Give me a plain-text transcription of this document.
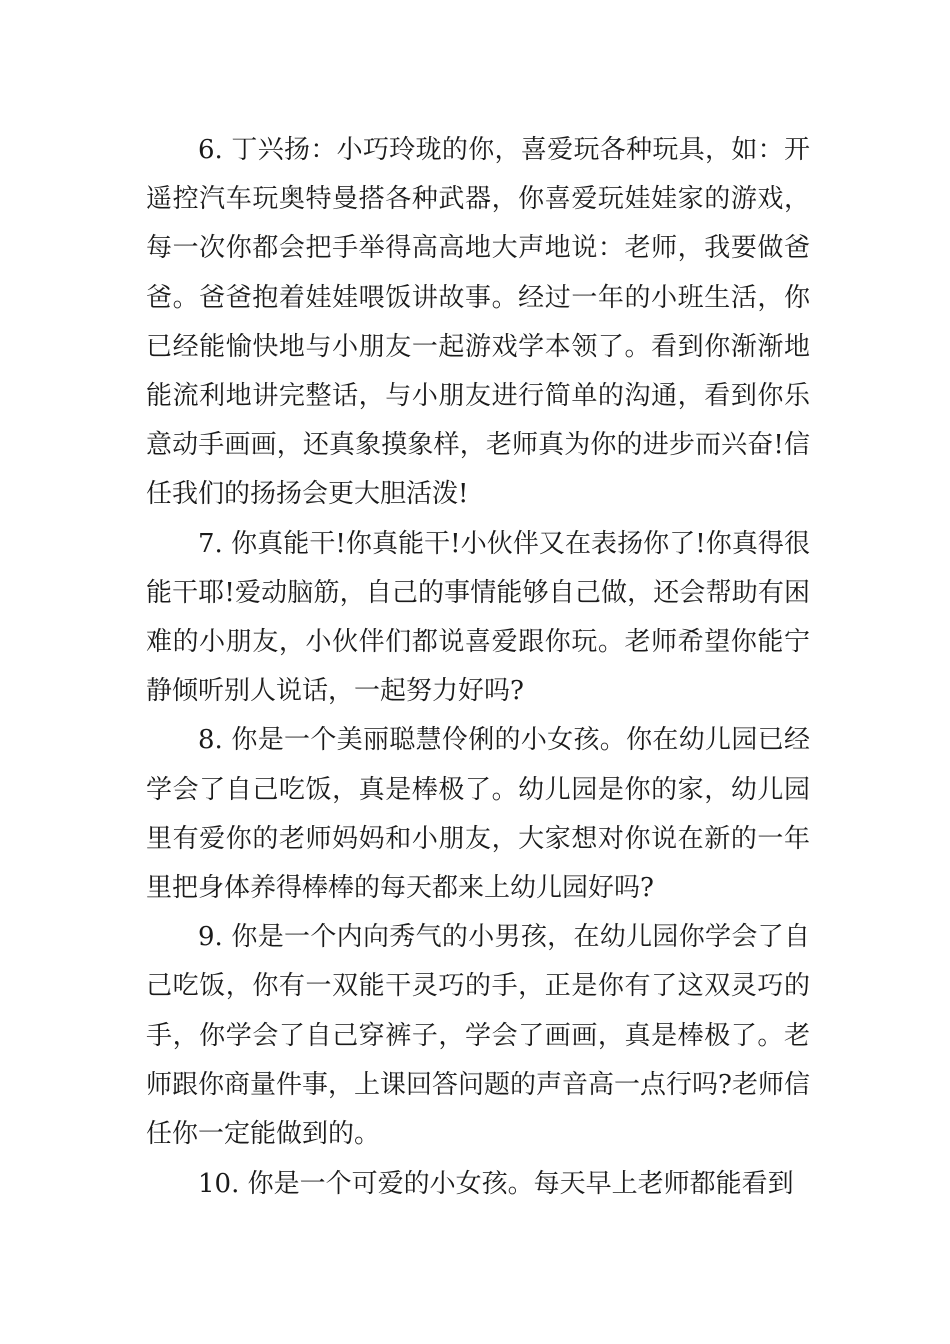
6. 丁兴扬：小巧玲珑的你，喜爱玩各种玩具，如：开遥控汽车玩奥特曼搭各种武器，你喜爱玩娃娃家的游戏，每一次你都会把手举得高高地大声地说：老师，我要做爸爸。爸爸抱着娃娃喂饭讲故事。经过一年的小班生活，你已经能愉快地与小朋友一起游戏学本领了。看到你渐渐地能流利地讲完整话，与小朋友进行简单的沟通，看到你乐意动手画画，还真象摸象样，老师真为你的进步而兴奋!信任我们的扬扬会更大胆活泼!

7. 你真能干!你真能干!小伙伴又在表扬你了!你真得很能干耶!爱动脑筋，自己的事情能够自己做，还会帮助有困难的小朋友，小伙伴们都说喜爱跟你玩。老师希望你能宁静倾听别人说话，一起努力好吗?

8. 你是一个美丽聪慧伶俐的小女孩。你在幼儿园已经学会了自己吃饭，真是棒极了。幼儿园是你的家，幼儿园里有爱你的老师妈妈和小朋友，大家想对你说在新的一年里把身体养得棒棒的每天都来上幼儿园好吗?

9. 你是一个内向秀气的小男孩，在幼儿园你学会了自己吃饭，你有一双能干灵巧的手，正是你有了这双灵巧的手，你学会了自己穿裤子，学会了画画，真是棒极了。老师跟你商量件事，上课回答问题的声音高一点行吗?老师信任你一定能做到的。

10. 你是一个可爱的小女孩。每天早上老师都能看到
